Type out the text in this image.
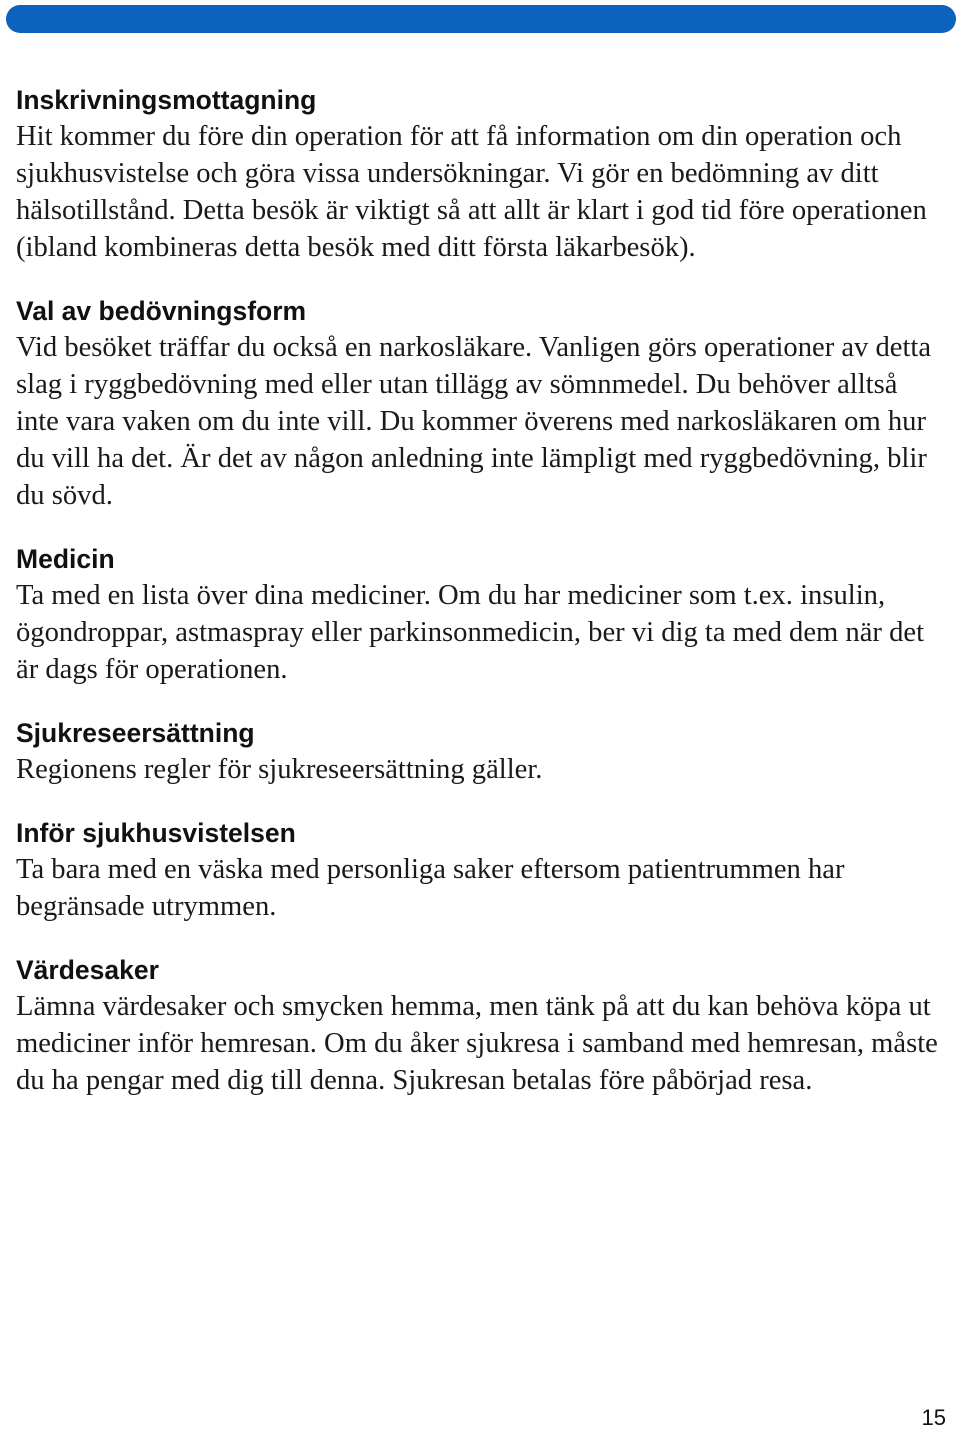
Inskrivningsmottagning

Hit kommer du före din operation för att få information om din operation och sjukhusvistelse och göra vissa undersökningar. Vi gör en bedömning av ditt hälsotillstånd. Detta besök är viktigt så att allt är klart i god tid före operationen (ibland kombineras detta besök med ditt första läkarbesök).

Val av bedövningsform

Vid besöket träffar du också en narkosläkare. Vanligen görs operationer av detta slag i ryggbedövning med eller utan tillägg av sömnmedel. Du behöver alltså inte vara vaken om du inte vill. Du kommer överens med narkosläkaren om hur du vill ha det. Är det av någon anledning inte lämpligt med ryggbedövning, blir du sövd.

Medicin

Ta med en lista över dina mediciner. Om du har mediciner som t.ex. insulin, ögondroppar, astmaspray eller parkinsonmedicin, ber vi dig ta med dem när det är dags för operationen.

Sjukreseersättning

Regionens regler för sjukreseersättning gäller.

Inför sjukhusvistelsen

Ta bara med en väska med personliga saker eftersom patientrummen har begränsade utrymmen.

Värdesaker

Lämna värdesaker och smycken hemma, men tänk på att du kan behöva köpa ut mediciner inför hemresan. Om du åker sjukresa i samband med hemresan, måste du ha pengar med dig till denna. Sjukresan betalas före påbörjad resa.

15
